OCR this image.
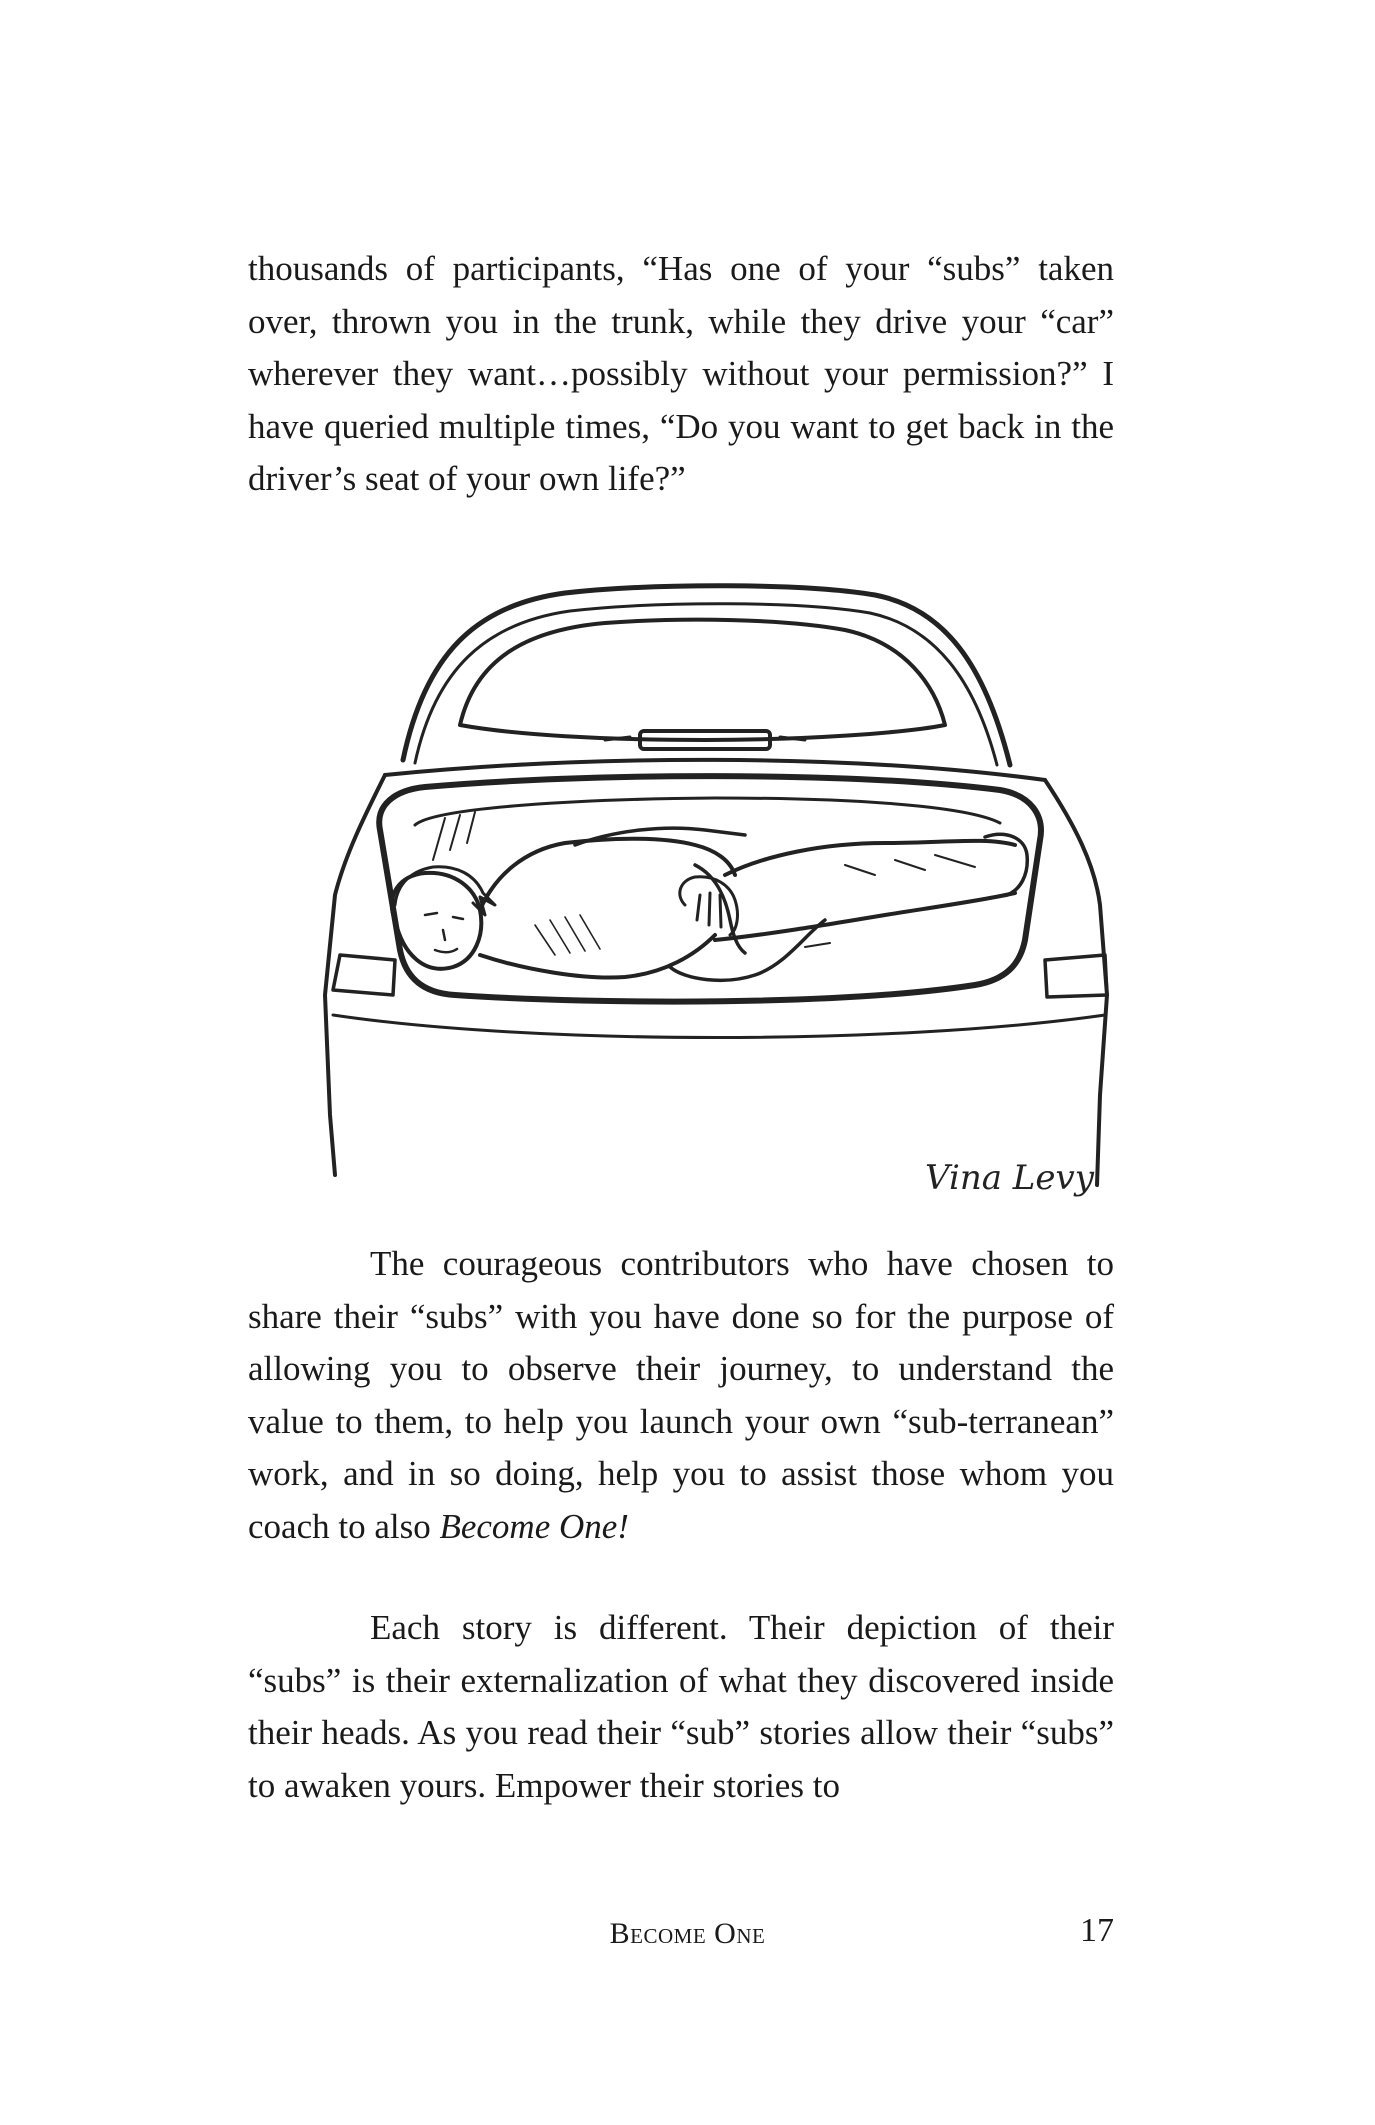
thousands of participants, “Has one of your “subs” taken over, thrown you in the trunk, while they drive your “car” wherever they want…possibly without your permission?” I have queried multiple times, “Do you want to get back in the driver’s seat of your own life?”

Vina Levy

The courageous contributors who have chosen to share their “subs” with you have done so for the purpose of allowing you to observe their journey, to understand the value to them, to help you launch your own “sub-terranean” work, and in so doing, help you to assist those whom you coach to also Become One!

Each story is different. Their depiction of their “subs” is their externalization of what they discovered inside their heads. As you read their “sub” stories allow their “subs” to awaken yours. Empower their stories to

Become One	17
